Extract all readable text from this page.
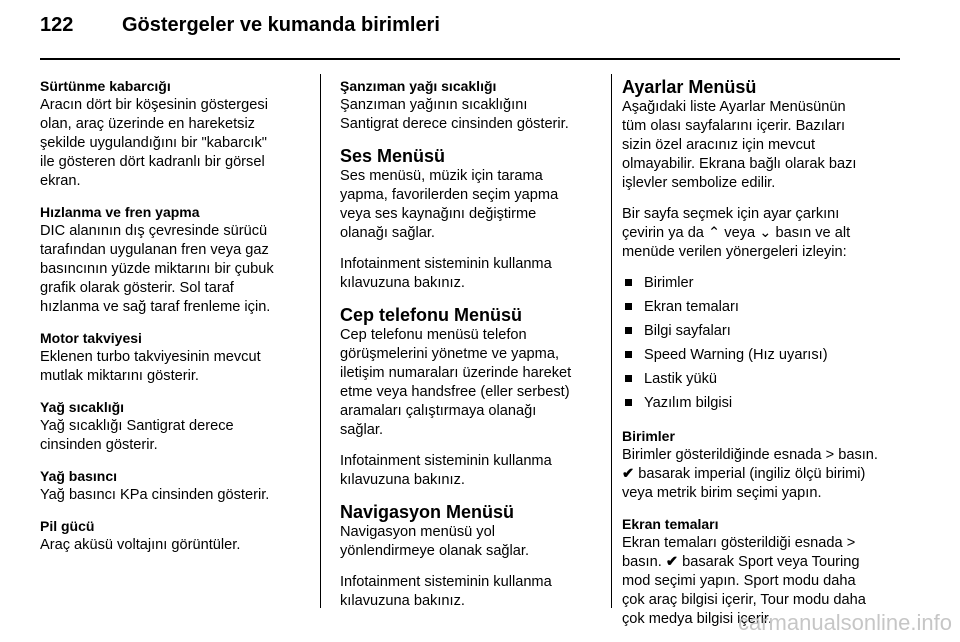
122 Göstergeler ve kumanda birimleri
Sürtünme kabarcığı

Aracın dört bir köşesinin göstergesi

olan, araç üzerinde en hareketsiz

şekilde uygulandığını bir "kabarcık"

ile gösteren dört kadranlı bir görsel

ekran.

Hızlanma ve fren yapma

DIC alanının dış çevresinde sürücü

tarafından uygulanan fren veya gaz

basıncının yüzde miktarını bir çubuk

grafik olarak gösterir. Sol taraf

hızlanma ve sağ taraf frenleme için.

Motor takviyesi

Eklenen turbo takviyesinin mevcut

mutlak miktarını gösterir.

Yağ sıcaklığı

Yağ sıcaklığı Santigrat derece

cinsinden gösterir.

Yağ basıncı

Yağ basıncı KPa cinsinden gösterir.

Pil gücü

Araç aküsü voltajını görüntüler.

Şanzıman yağı sıcaklığı

Şanzıman yağının sıcaklığını

Santigrat derece cinsinden gösterir.

Ses Menüsü
Ses menüsü, müzik için tarama
yapma, favorilerden seçim yapma
veya ses kaynağını değiştirme
olanağı sağlar.
Infotainment sisteminin kullanma
kılavuzuna bakınız.
Cep telefonu Menüsü
Cep telefonu menüsü telefon
görüşmelerini yönetme ve yapma,
iletişim numaraları üzerinde hareket
etme veya handsfree (eller serbest)
aramaları çalıştırmaya olanağı
sağlar.
Infotainment sisteminin kullanma
kılavuzuna bakınız.
Navigasyon Menüsü
Navigasyon menüsü yol
yönlendirmeye olanak sağlar.
Infotainment sisteminin kullanma
kılavuzuna bakınız.
Ayarlar Menüsü
Aşağıdaki liste Ayarlar Menüsünün
tüm olası sayfalarını içerir. Bazıları
sizin özel aracınız için mevcut
olmayabilir. Ekrana bağlı olarak bazı
işlevler sembolize edilir.
Bir sayfa seçmek için ayar çarkını
çevirin ya da ⌃ veya ⌄ basın ve alt
menüde verilen yönergeleri izleyin:
Birimler
Ekran temaları
Bilgi sayfaları
Speed Warning (Hız uyarısı)
Lastik yükü
Yazılım bilgisi
Birimler
Birimler gösterildiğinde esnada > basın.
✔ basarak imperial (ingiliz ölçü birimi)
veya metrik birim seçimi yapın.
Ekran temaları
Ekran temaları gösterildiği esnada >
basın. ✔ basarak Sport veya Touring
mod seçimi yapın. Sport modu daha
çok araç bilgisi içerir, Tour modu daha
çok medya bilgisi içerir.
carmanualsonline.info
